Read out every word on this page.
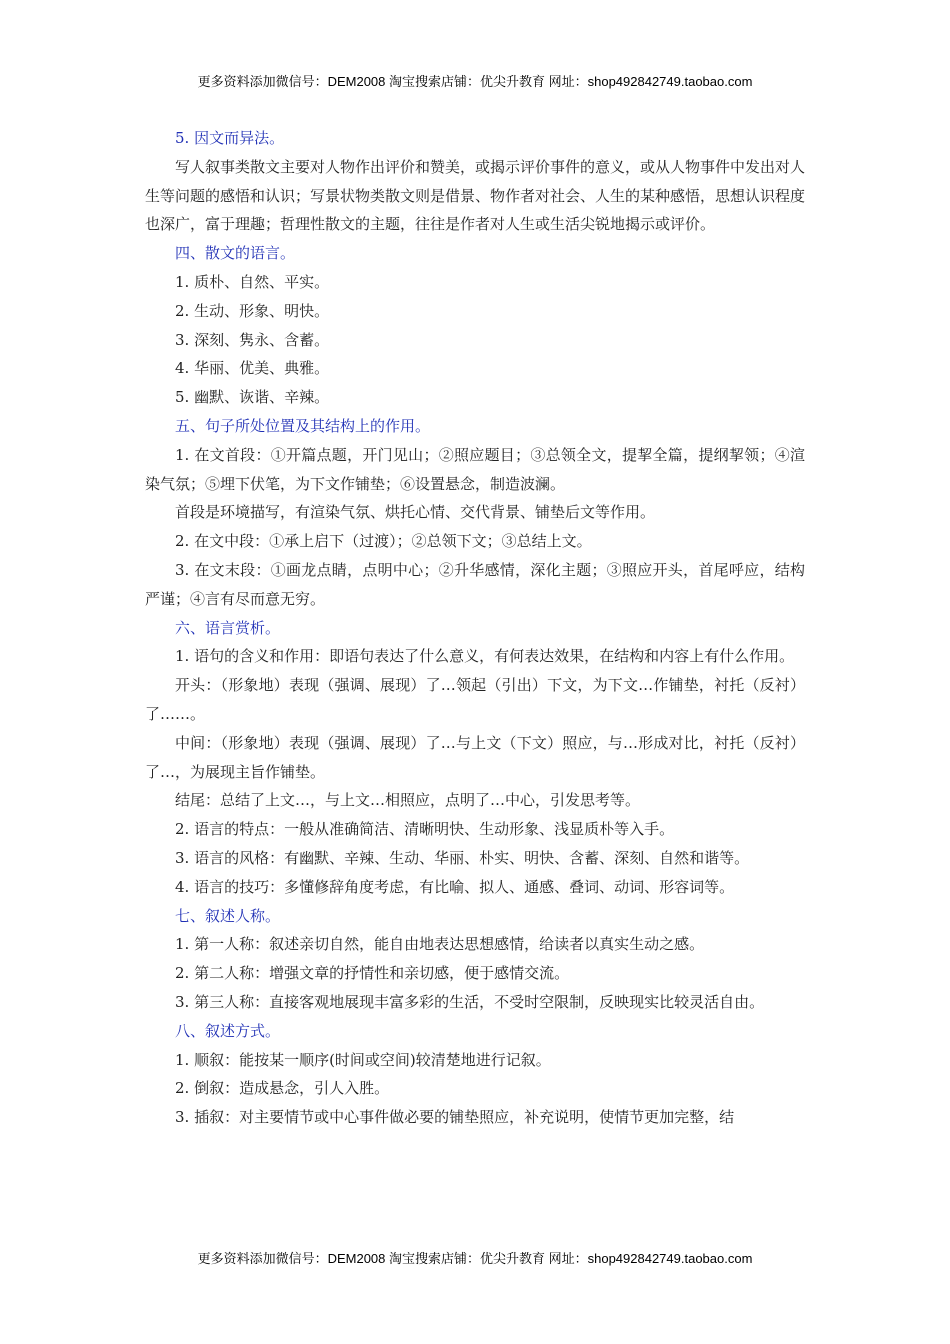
更多资料添加微信号：DEM2008 淘宝搜索店铺：优尖升教育 网址：shop492842749.taobao.com

5. 因文而异法。

写人叙事类散文主要对人物作出评价和赞美，或揭示评价事件的意义，或从人物事件中发出对人生等问题的感悟和认识；写景状物类散文则是借景、物作者对社会、人生的某种感悟，思想认识程度也深广，富于理趣；哲理性散文的主题，往往是作者对人生或生活尖锐地揭示或评价。

四、散文的语言。

1. 质朴、自然、平实。

2. 生动、形象、明快。

3. 深刻、隽永、含蓄。

4. 华丽、优美、典雅。

5. 幽默、诙谐、辛辣。

五、句子所处位置及其结构上的作用。

1. 在文首段：①开篇点题，开门见山；②照应题目；③总领全文，提挈全篇，提纲挈领；④渲染气氛；⑤埋下伏笔，为下文作铺垫；⑥设置悬念，制造波澜。

首段是环境描写，有渲染气氛、烘托心情、交代背景、铺垫后文等作用。

2. 在文中段：①承上启下（过渡）；②总领下文；③总结上文。

3. 在文末段：①画龙点睛，点明中心；②升华感情，深化主题；③照应开头，首尾呼应，结构严谨；④言有尽而意无穷。

六、语言赏析。

1. 语句的含义和作用：即语句表达了什么意义，有何表达效果，在结构和内容上有什么作用。

开头：（形象地）表现（强调、展现）了…领起（引出）下文，为下文…作铺垫，衬托（反衬）了……。

中间：（形象地）表现（强调、展现）了…与上文（下文）照应，与…形成对比，衬托（反衬）了…，为展现主旨作铺垫。

结尾：总结了上文…，与上文…相照应，点明了…中心，引发思考等。

2. 语言的特点：一般从准确简洁、清晰明快、生动形象、浅显质朴等入手。

3. 语言的风格：有幽默、辛辣、生动、华丽、朴实、明快、含蓄、深刻、自然和谐等。

4. 语言的技巧：多懂修辞角度考虑，有比喻、拟人、通感、叠词、动词、形容词等。

七、叙述人称。

1. 第一人称：叙述亲切自然，能自由地表达思想感情，给读者以真实生动之感。

2. 第二人称：增强文章的抒情性和亲切感，便于感情交流。

3. 第三人称：直接客观地展现丰富多彩的生活，不受时空限制，反映现实比较灵活自由。

八、叙述方式。

1. 顺叙：能按某一顺序(时间或空间)较清楚地进行记叙。

2. 倒叙：造成悬念，引人入胜。

3. 插叙：对主要情节或中心事件做必要的铺垫照应，补充说明，使情节更加完整，结

更多资料添加微信号：DEM2008 淘宝搜索店铺：优尖升教育 网址：shop492842749.taobao.com
